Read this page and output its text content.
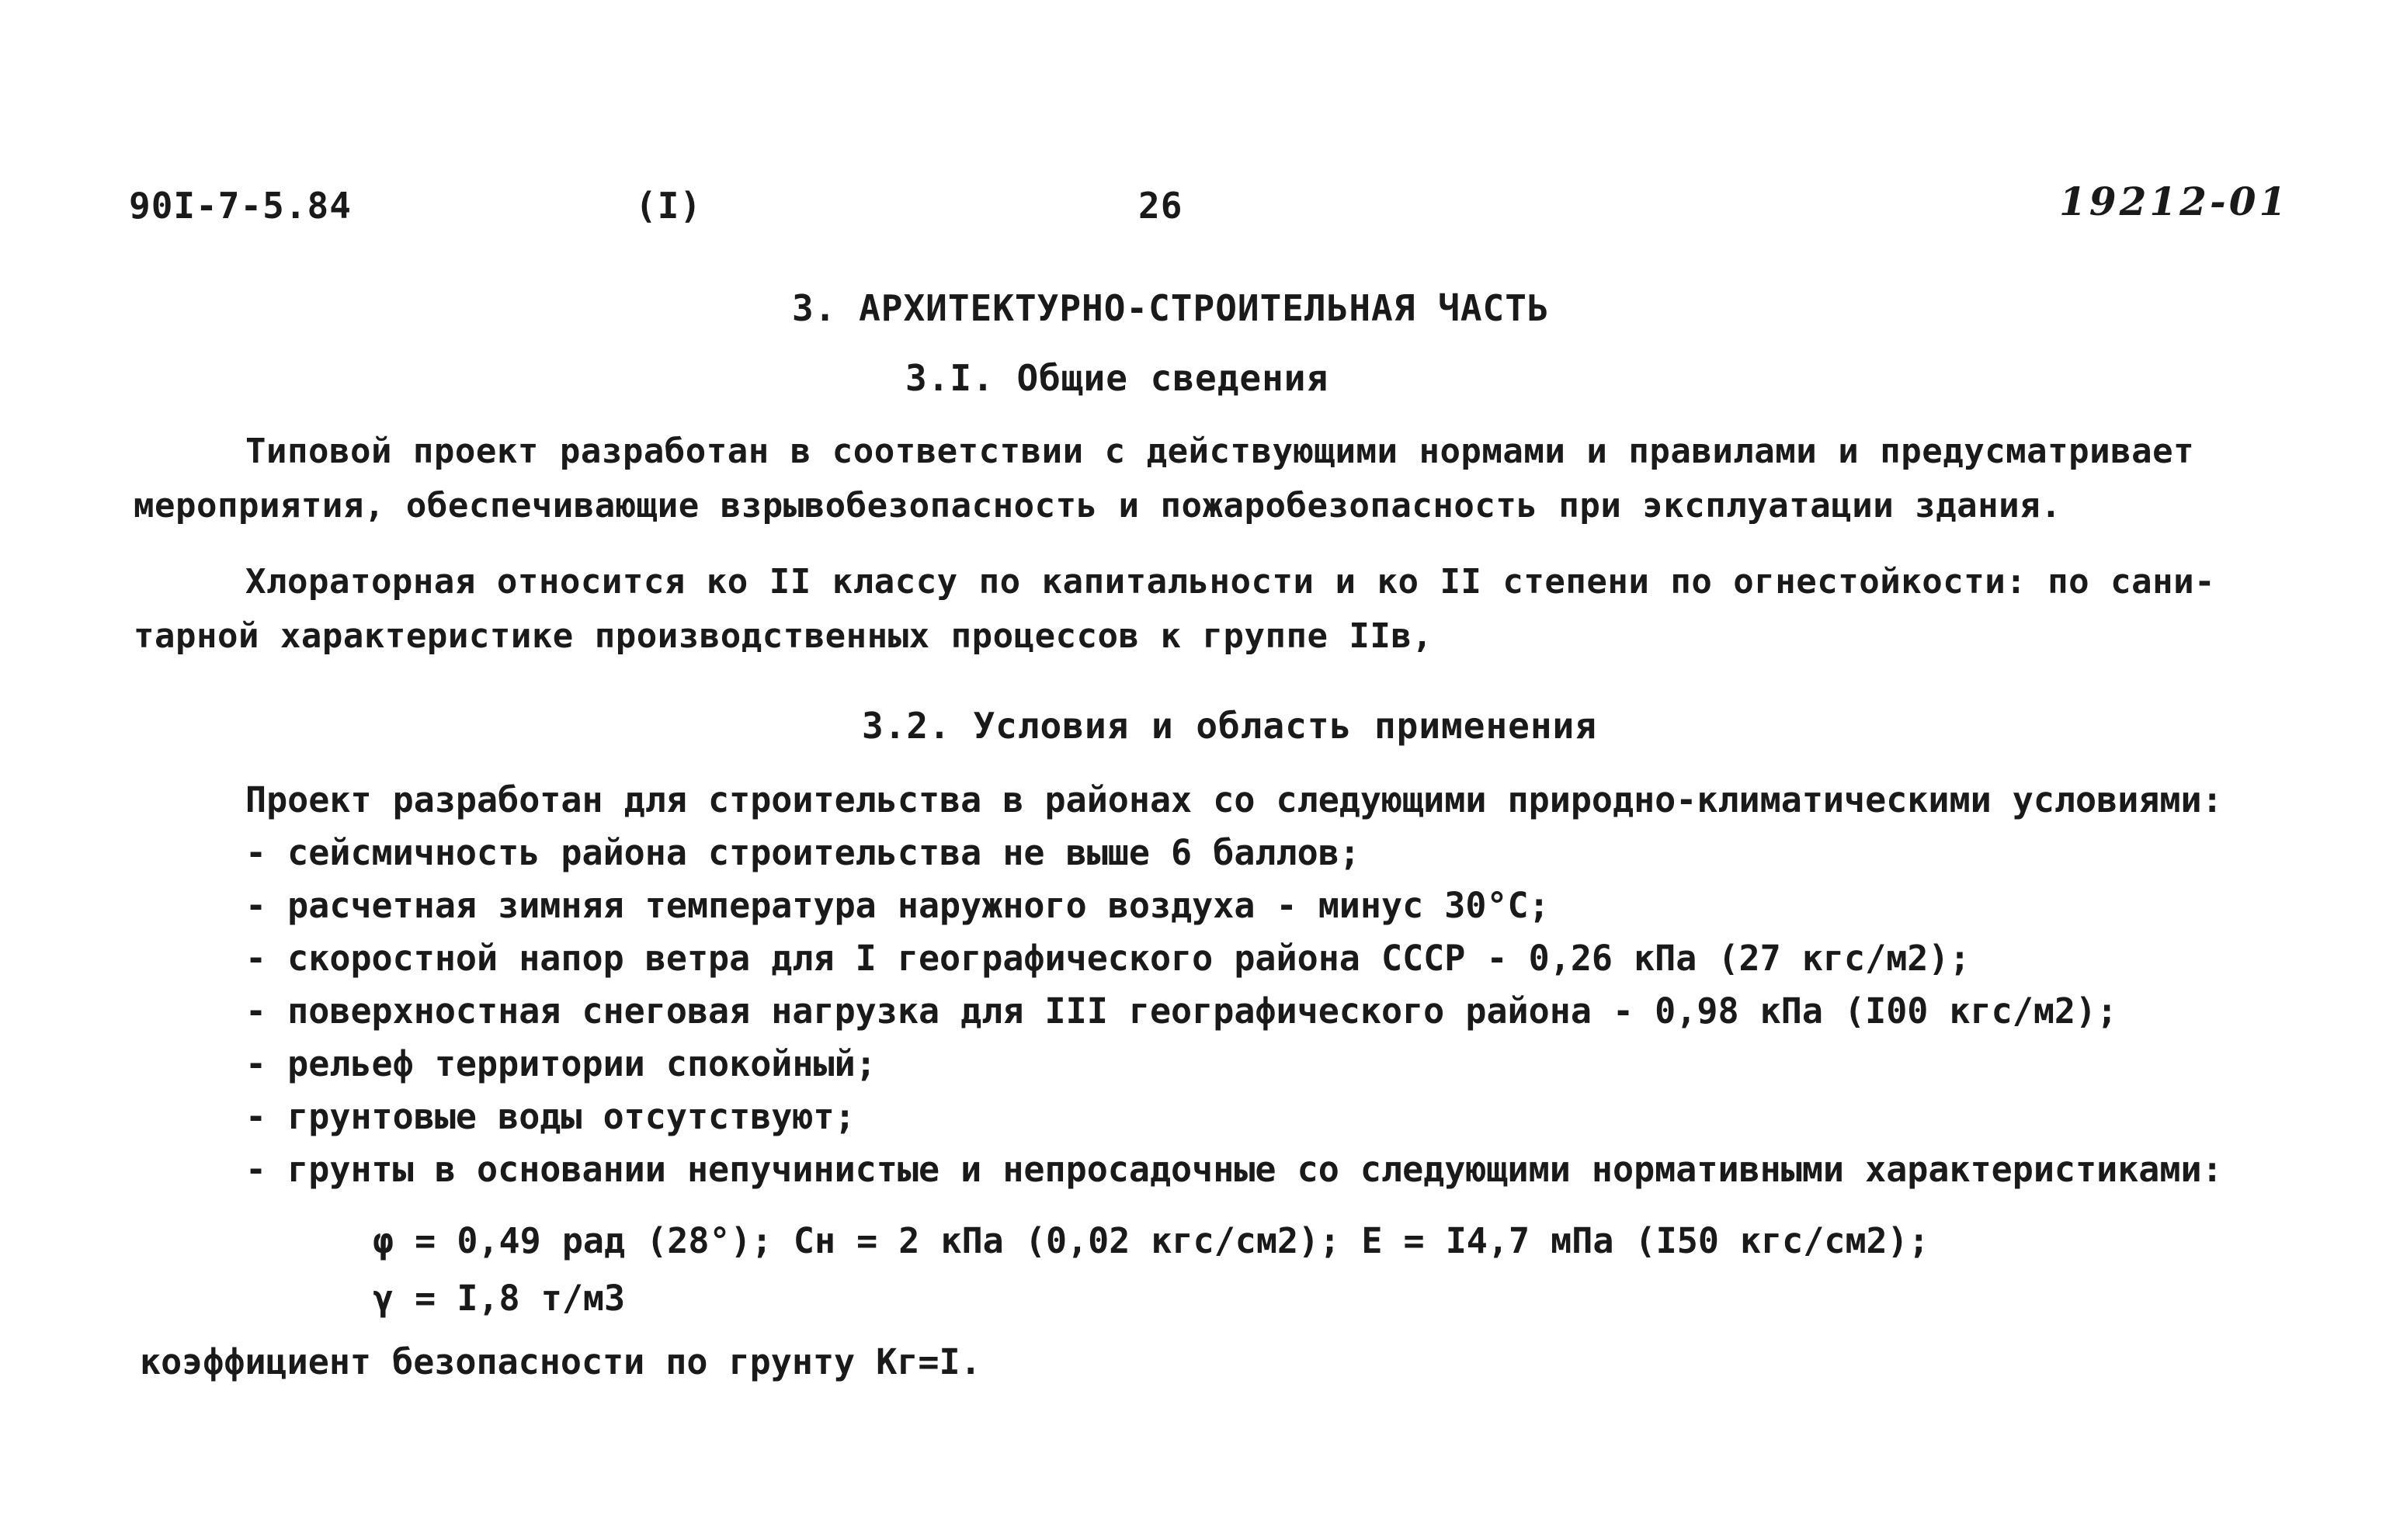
90I-7-5.84	(I)	26	19212-01
3. АРХИТЕКТУРНО-СТРОИТЕЛЬНАЯ ЧАСТЬ
3.I. Общие сведения
Типовой проект разработан в соответствии с действующими нормами и правилами и предусматривает
мероприятия, обеспечивающие взрывобезопасность и пожаробезопасность при эксплуатации здания.
Хлораторная относится ко II классу по капитальности и ко II степени по огнестойкости: по сани-
тарной характеристике производственных процессов к группе IIв,
3.2. Условия и область применения
Проект разработан для строительства в районах со следующими природно-климатическими условиями:
- сейсмичность района строительства не выше 6 баллов;
- расчетная зимняя температура наружного воздуха - минус 30°С;
- скоростной напор ветра для I географического района СССР - 0,26 кПа (27 кгс/м2);
- поверхностная снеговая нагрузка для III географического района - 0,98 кПа (I00 кгс/м2);
- рельеф территории спокойный;
- грунтовые воды отсутствуют;
- грунты в основании непучинистые и непросадочные со следующими нормативными характеристиками:
φ = 0,49 рад (28°); Cн = 2 кПа (0,02 кгс/см2); Е = I4,7 мПа (I50 кгс/см2);
γ = I,8 т/м3
коэффициент безопасности по грунту Кг=I.
